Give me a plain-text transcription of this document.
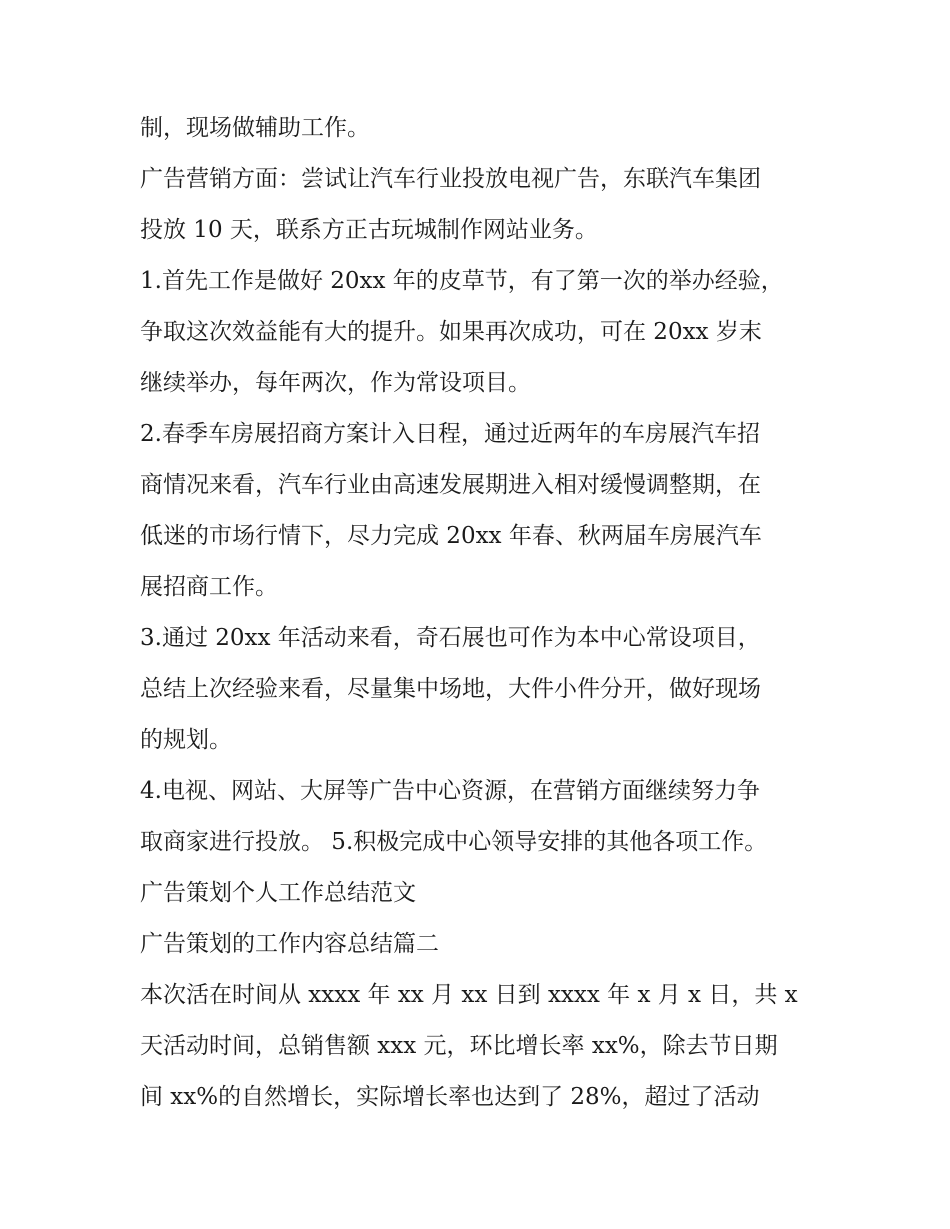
制，现场做辅助工作。
广告营销方面：尝试让汽车行业投放电视广告，东联汽车集团
投放 10 天，联系方正古玩城制作网站业务。
1.首先工作是做好 20xx 年的皮草节，有了第一次的举办经验，
争取这次效益能有大的提升。如果再次成功，可在 20xx 岁末
继续举办，每年两次，作为常设项目。
2.春季车房展招商方案计入日程，通过近两年的车房展汽车招
商情况来看，汽车行业由高速发展期进入相对缓慢调整期，在
低迷的市场行情下，尽力完成 20xx 年春、秋两届车房展汽车
展招商工作。
3.通过 20xx 年活动来看，奇石展也可作为本中心常设项目，
总结上次经验来看，尽量集中场地，大件小件分开，做好现场
的规划。
4.电视、网站、大屏等广告中心资源，在营销方面继续努力争
取商家进行投放。 5.积极完成中心领导安排的其他各项工作。
广告策划个人工作总结范文
广告策划的工作内容总结篇二
本次活在时间从 xxxx 年 xx 月 xx 日到 xxxx 年 x 月 x 日，共 x
天活动时间，总销售额 xxx 元，环比增长率 xx%，除去节日期
间 xx%的自然增长，实际增长率也达到了 28%，超过了活动
